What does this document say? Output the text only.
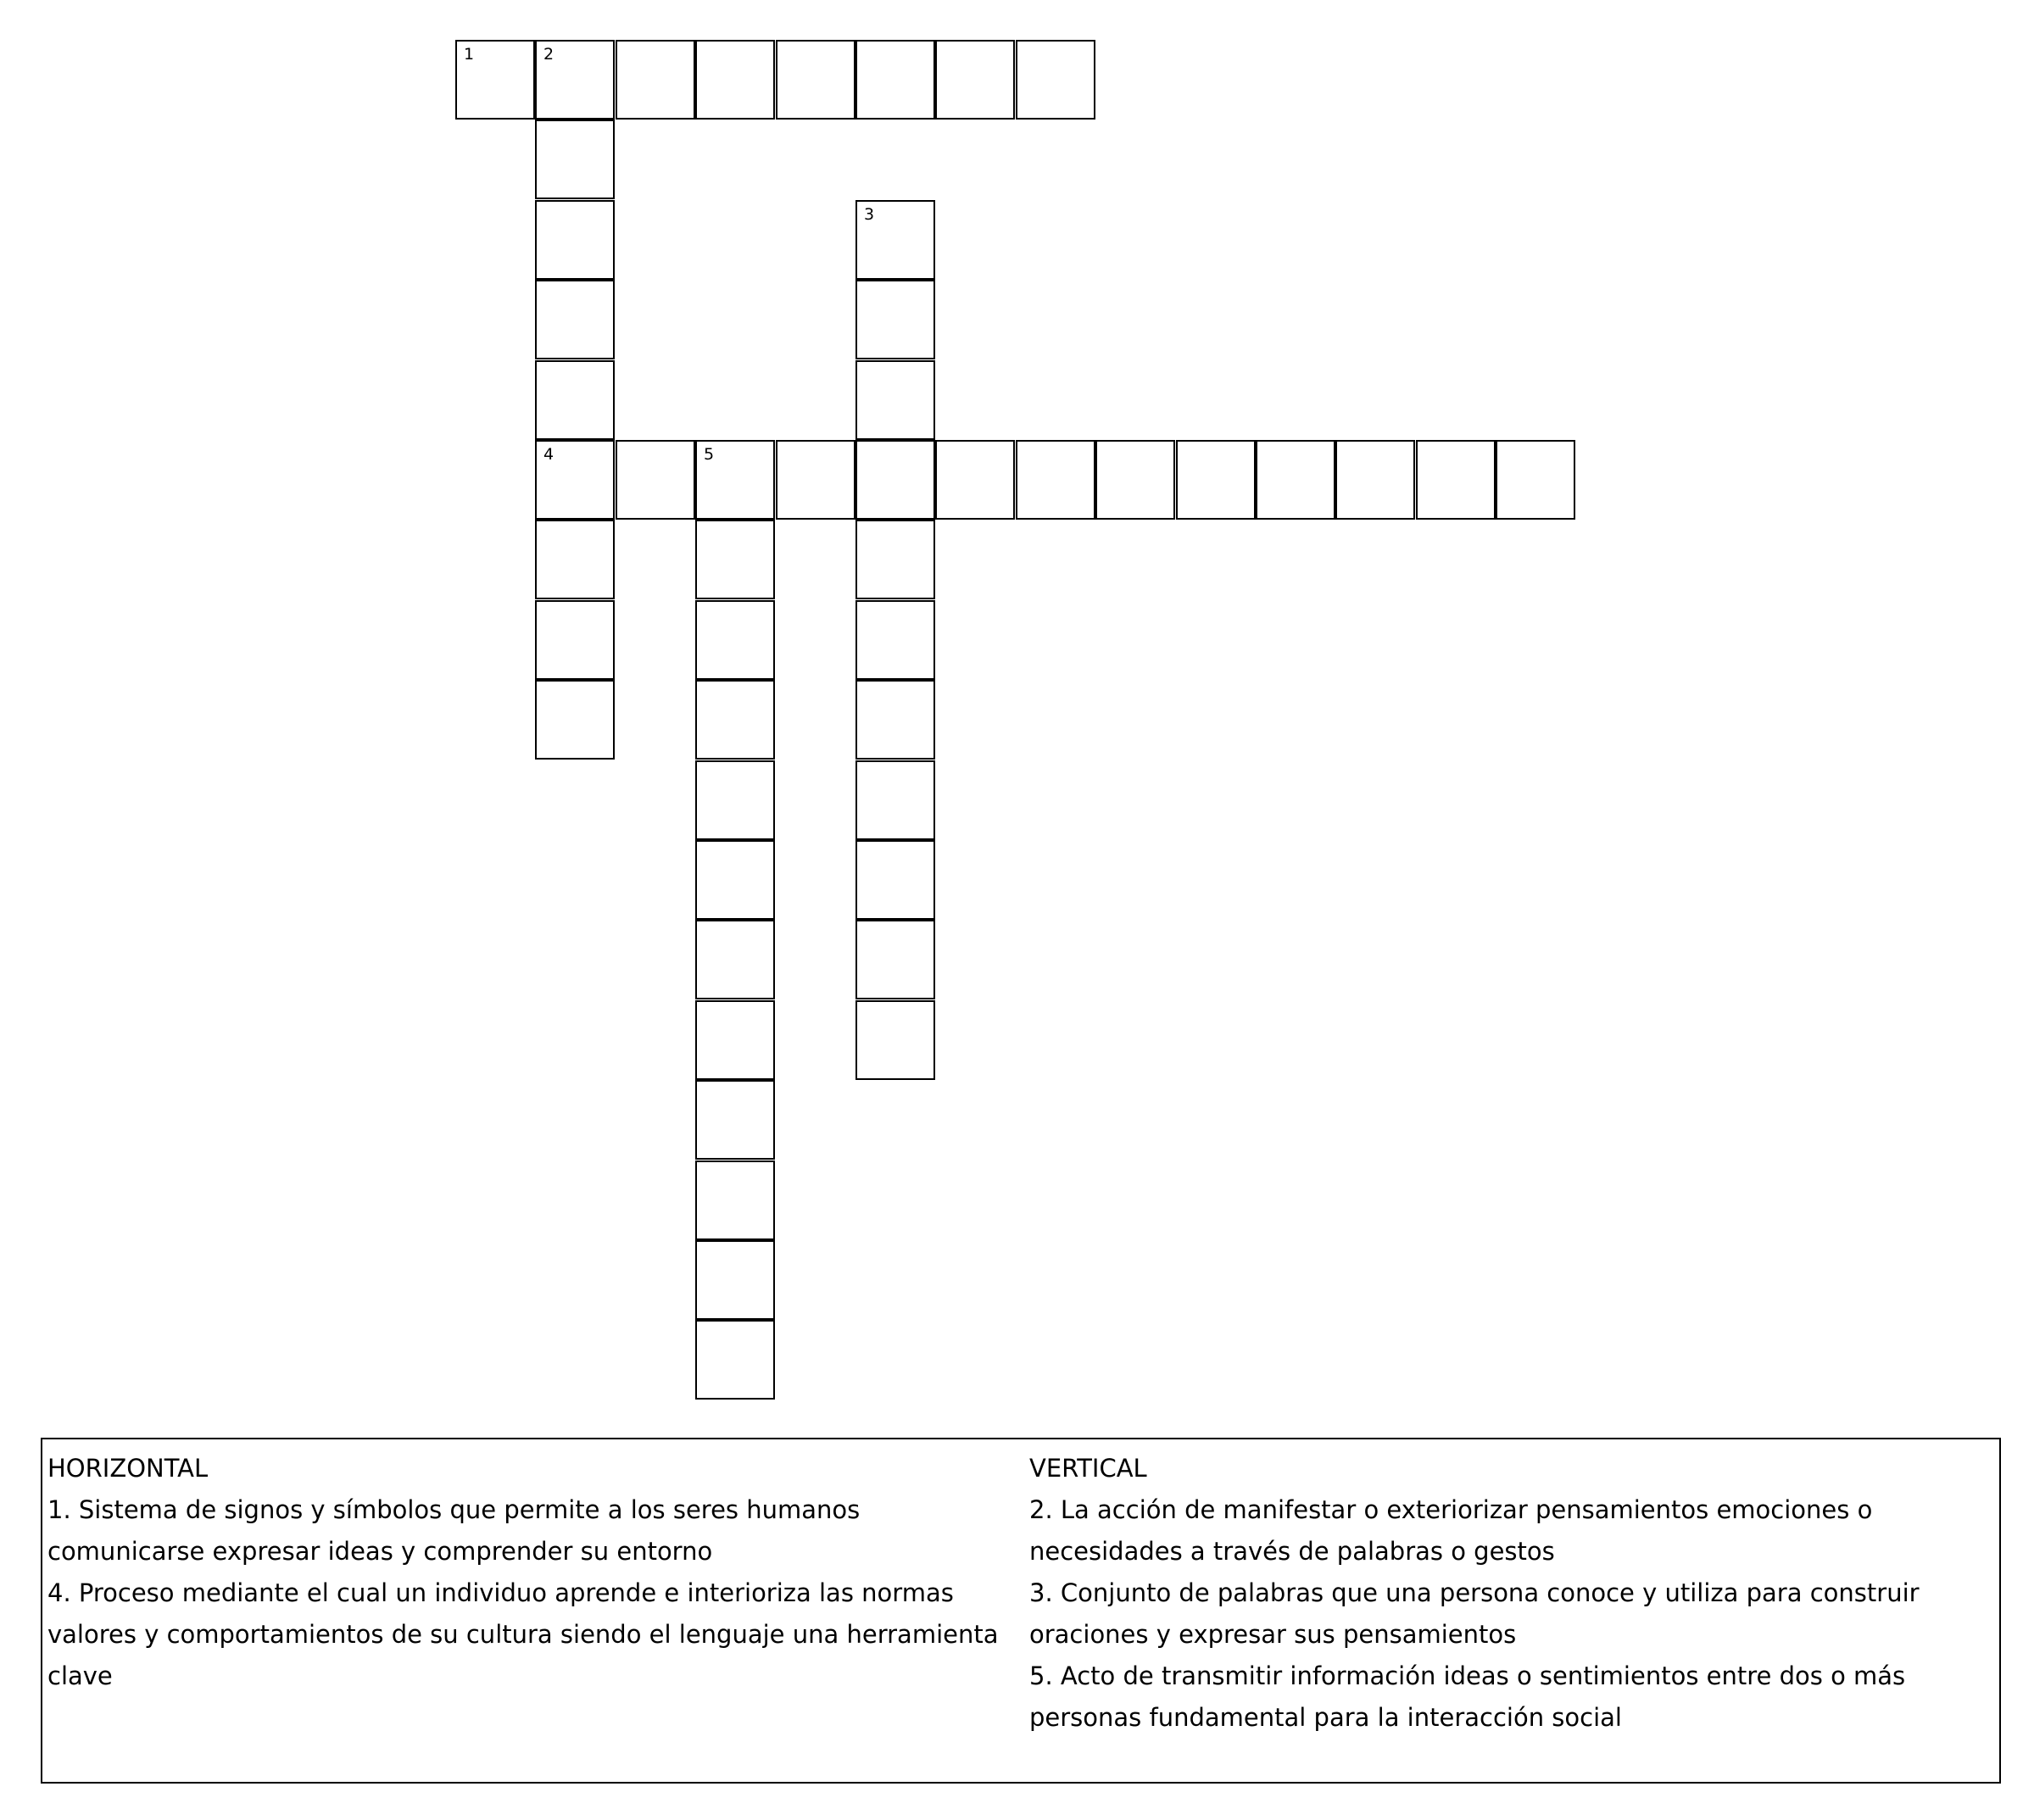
1	2
4
3
5

HORIZONTAL

1. Sistema de signos y símbolos que permite a los seres humanos comunicarse expresar ideas y comprender su entorno

4. Proceso mediante el cual un individuo aprende e interioriza las normas valores y comportamientos de su cultura siendo el lenguaje una herramienta clave

VERTICAL

2. La acción de manifestar o exteriorizar pensamientos emociones o necesidades a través de palabras o gestos

3. Conjunto de palabras que una persona conoce y utiliza para construir oraciones y expresar sus pensamientos

5. Acto de transmitir información ideas o sentimientos entre dos o más personas fundamental para la interacción social
